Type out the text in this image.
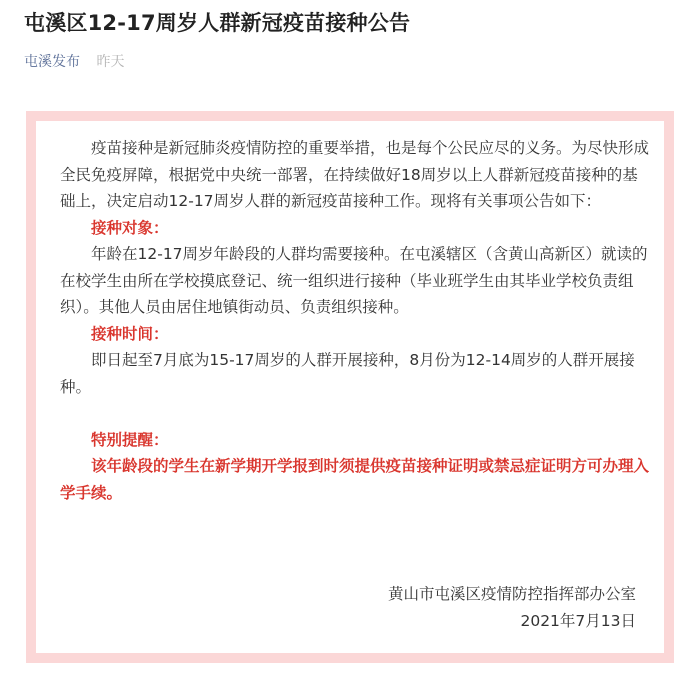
屯溪区12-17周岁人群新冠疫苗接种公告
屯溪发布 昨天

疫苗接种是新冠肺炎疫情防控的重要举措，也是每个公民应尽的义务。为尽快形成全民免疫屏障，根据党中央统一部署，在持续做好18周岁以上人群新冠疫苗接种的基础上，决定启动12-17周岁人群的新冠疫苗接种工作。现将有关事项公告如下：

接种对象：

年龄在12-17周岁年龄段的人群均需要接种。在屯溪辖区（含黄山高新区）就读的在校学生由所在学校摸底登记、统一组织进行接种（毕业班学生由其毕业学校负责组织）。其他人员由居住地镇街动员、负责组织接种。

接种时间：

即日起至7月底为15-17周岁的人群开展接种，8月份为12-14周岁的人群开展接种。

特别提醒：

该年龄段的学生在新学期开学报到时须提供疫苗接种证明或禁忌症证明方可办理入学手续。

黄山市屯溪区疫情防控指挥部办公室
2021年7月13日
